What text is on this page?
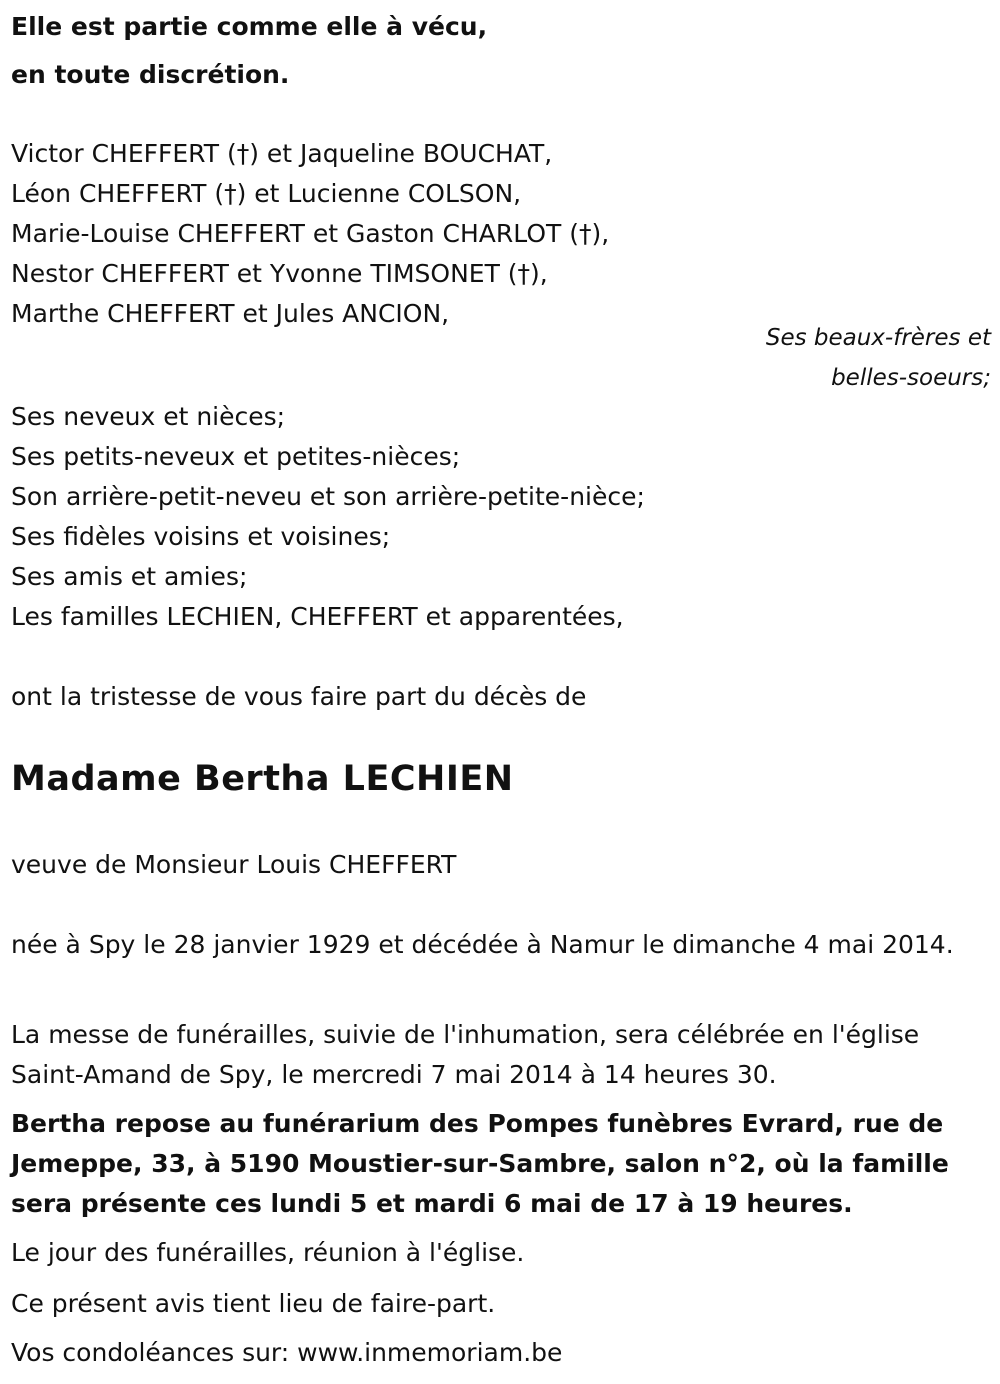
Elle est partie comme elle à vécu,
en toute discrétion.
Victor CHEFFERT (†) et Jaqueline BOUCHAT,
Léon CHEFFERT (†) et Lucienne COLSON,
Marie-Louise CHEFFERT et Gaston CHARLOT (†),
Nestor CHEFFERT et Yvonne TIMSONET (†),
Marthe CHEFFERT et Jules ANCION,
Ses beaux-frères et
belles-soeurs;
Ses neveux et nièces;
Ses petits-neveux et petites-nièces;
Son arrière-petit-neveu et son arrière-petite-nièce;
Ses fidèles voisins et voisines;
Ses amis et amies;
Les familles LECHIEN, CHEFFERT et apparentées,
ont la tristesse de vous faire part du décès de
Madame Bertha LECHIEN
veuve de Monsieur Louis CHEFFERT
née à Spy le 28 janvier 1929 et décédée à Namur le dimanche 4 mai 2014.
La messe de funérailles, suivie de l'inhumation, sera célébrée en l'église Saint-Amand de Spy, le mercredi 7 mai 2014 à 14 heures 30.
Bertha repose au funérarium des Pompes funèbres Evrard, rue de Jemeppe, 33, à 5190 Moustier-sur-Sambre, salon n°2, où la famille sera présente ces lundi 5 et mardi 6 mai de 17 à 19 heures.
Le jour des funérailles, réunion à l'église.
Ce présent avis tient lieu de faire-part.
Vos condoléances sur: www.inmemoriam.be
